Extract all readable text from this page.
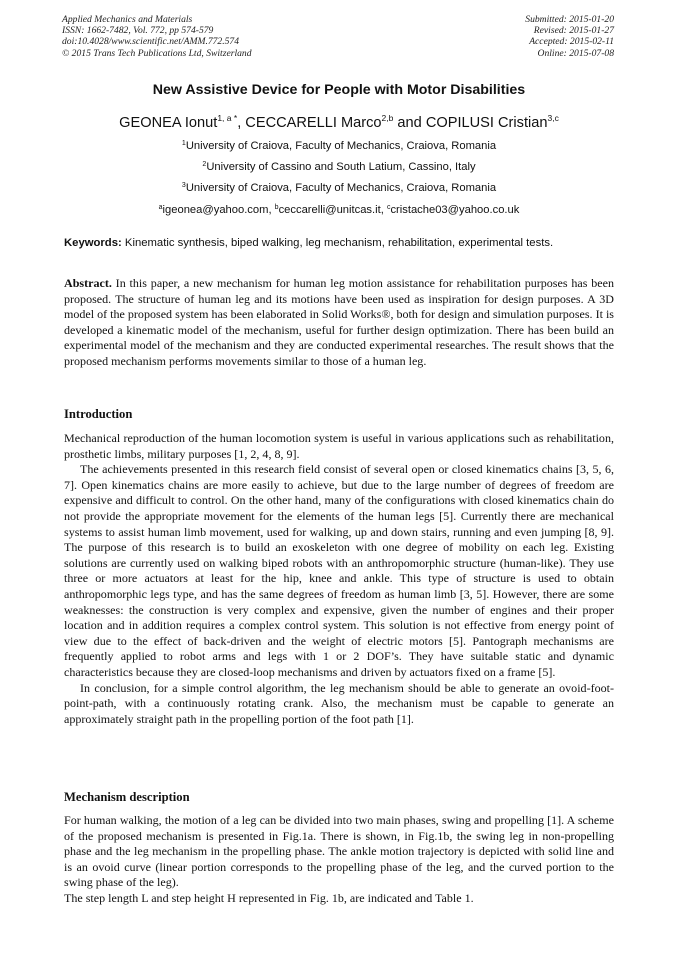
Applied Mechanics and Materials
ISSN: 1662-7482, Vol. 772, pp 574-579
doi:10.4028/www.scientific.net/AMM.772.574
© 2015 Trans Tech Publications Ltd, Switzerland
Submitted: 2015-01-20
Revised: 2015-01-27
Accepted: 2015-02-11
Online: 2015-07-08
New Assistive Device for People with Motor Disabilities
GEONEA Ionut$^{1, a *}$, CECCARELLI Marco$^{2,b}$ and COPILUSI Cristian$^{3,c}$
$^1$University of Craiova, Faculty of Mechanics, Craiova, Romania
$^2$University of Cassino and South Latium, Cassino, Italy
$^3$University of Craiova, Faculty of Mechanics, Craiova, Romania
$^a$igeonea@yahoo.com, $^b$ceccarelli@unitcas.it, $^c$cristache03@yahoo.co.uk
Keywords: Kinematic synthesis, biped walking, leg mechanism, rehabilitation, experimental tests.

Abstract. In this paper, a new mechanism for human leg motion assistance for rehabilitation purposes has been proposed. The structure of human leg and its motions have been used as inspiration for design purposes. A 3D model of the proposed system has been elaborated in Solid Works®, both for design and simulation purposes. It is developed a kinematic model of the mechanism, useful for further design optimization. There has been build an experimental model of the mechanism and they are conducted experimental researches. The result shows that the proposed mechanism performs movements similar to those of a human leg.

Introduction

Mechanical reproduction of the human locomotion system is useful in various applications such as rehabilitation, prosthetic limbs, military purposes [1, 2, 4, 8, 9].

The achievements presented in this research field consist of several open or closed kinematics chains [3, 5, 6, 7]. Open kinematics chains are more easily to achieve, but due to the large number of degrees of freedom are expensive and difficult to control. On the other hand, many of the configurations with closed kinematics chain do not provide the appropriate movement for the elements of the human legs [5]. Currently there are mechanical systems to assist human limb movement, used for walking, up and down stairs, running and even jumping [8, 9]. The purpose of this research is to build an exoskeleton with one degree of mobility on each leg. Existing solutions are currently used on walking biped robots with an anthropomorphic structure (human-like). They use three or more actuators at least for the hip, knee and ankle. This type of structure is used to obtain anthropomorphic legs type, and has the same degrees of freedom as human limb [3, 5]. However, there are some weaknesses: the construction is very complex and expensive, given the number of engines and their proper location and in addition requires a complex control system. This solution is not effective from energy point of view due to the effect of back-driven and the weight of electric motors [5]. Pantograph mechanisms are frequently applied to robot arms and legs with 1 or 2 DOF’s. They have suitable static and dynamic characteristics because they are closed-loop mechanisms and driven by actuators fixed on a frame [5].

In conclusion, for a simple control algorithm, the leg mechanism should be able to generate an ovoid-foot-point-path, with a continuously rotating crank. Also, the mechanism must be capable to generate an approximately straight path in the propelling portion of the foot path [1].

Mechanism description

For human walking, the motion of a leg can be divided into two main phases, swing and propelling [1]. A scheme of the proposed mechanism is presented in Fig.1a. There is shown, in Fig.1b, the swing leg in non-propelling phase and the leg mechanism in the propelling phase. The ankle motion trajectory is depicted with solid line and is an ovoid curve (linear portion corresponds to the propelling phase of the leg, and the curved portion to the swing phase of the leg).

The step length L and step height H represented in Fig. 1b, are indicated and Table 1.
